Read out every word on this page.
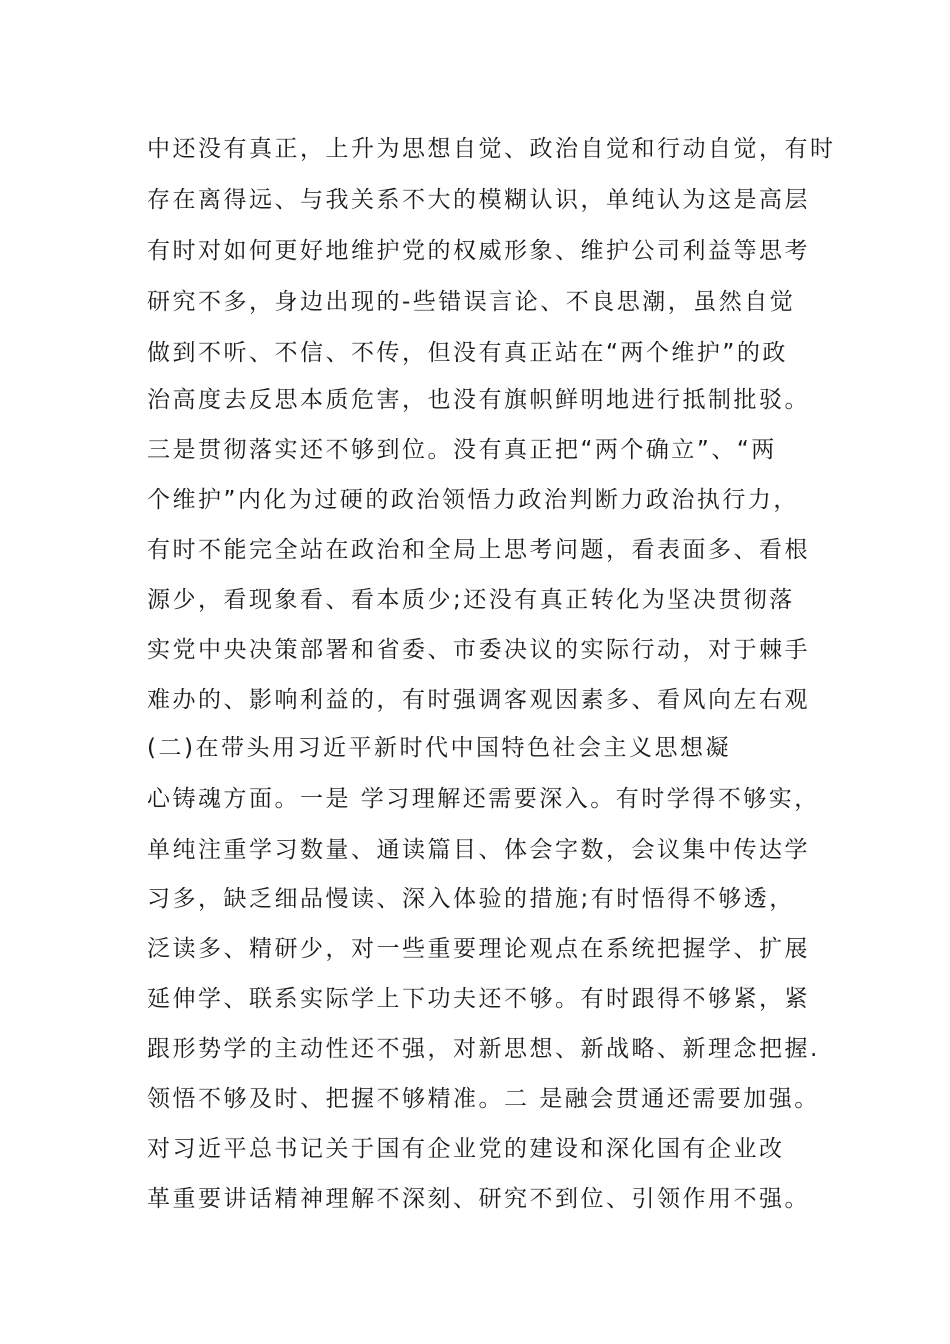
中还没有真正，上升为思想自觉、政治自觉和行动自觉，有时
存在离得远、与我关系不大的模糊认识，单纯认为这是高层
有时对如何更好地维护党的权威形象、维护公司利益等思考
研究不多，身边出现的-些错误言论、不良思潮，虽然自觉
做到不听、不信、不传，但没有真正站在“两个维护”的政
治高度去反思本质危害，也没有旗帜鲜明地进行抵制批驳。
三是贯彻落实还不够到位。没有真正把“两个确立”、“两
个维护”内化为过硬的政治领悟力政治判断力政治执行力，
有时不能完全站在政治和全局上思考问题，看表面多、看根
源少，看现象看、看本质少;还没有真正转化为坚决贯彻落
实党中央决策部署和省委、市委决议的实际行动，对于棘手
难办的、影响利益的，有时强调客观因素多、看风向左右观
(二)在带头用习近平新时代中国特色社会主义思想凝
心铸魂方面。一是 学习理解还需要深入。有时学得不够实，
单纯注重学习数量、通读篇目、体会字数，会议集中传达学
习多，缺乏细品慢读、深入体验的措施;有时悟得不够透，
泛读多、精研少，对一些重要理论观点在系统把握学、扩展
延伸学、联系实际学上下功夫还不够。有时跟得不够紧，紧
跟形势学的主动性还不强，对新思想、新战略、新理念把握.
领悟不够及时、把握不够精准。二 是融会贯通还需要加强。
对习近平总书记关于国有企业党的建设和深化国有企业改
革重要讲话精神理解不深刻、研究不到位、引领作用不强。
